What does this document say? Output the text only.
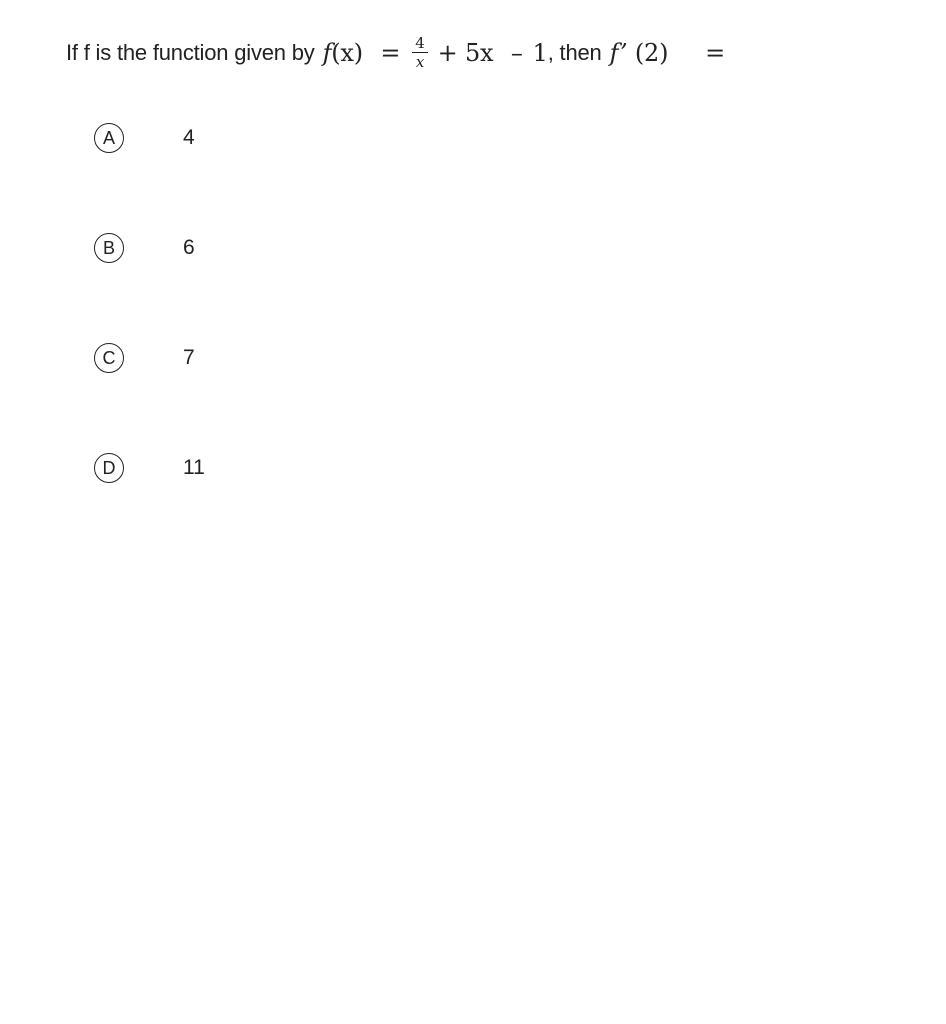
If f is the function given by $f(x) = \frac{4}{x} + 5x - 1$ , then f’ (2) =
A	4
B	6
C	7
D	11
